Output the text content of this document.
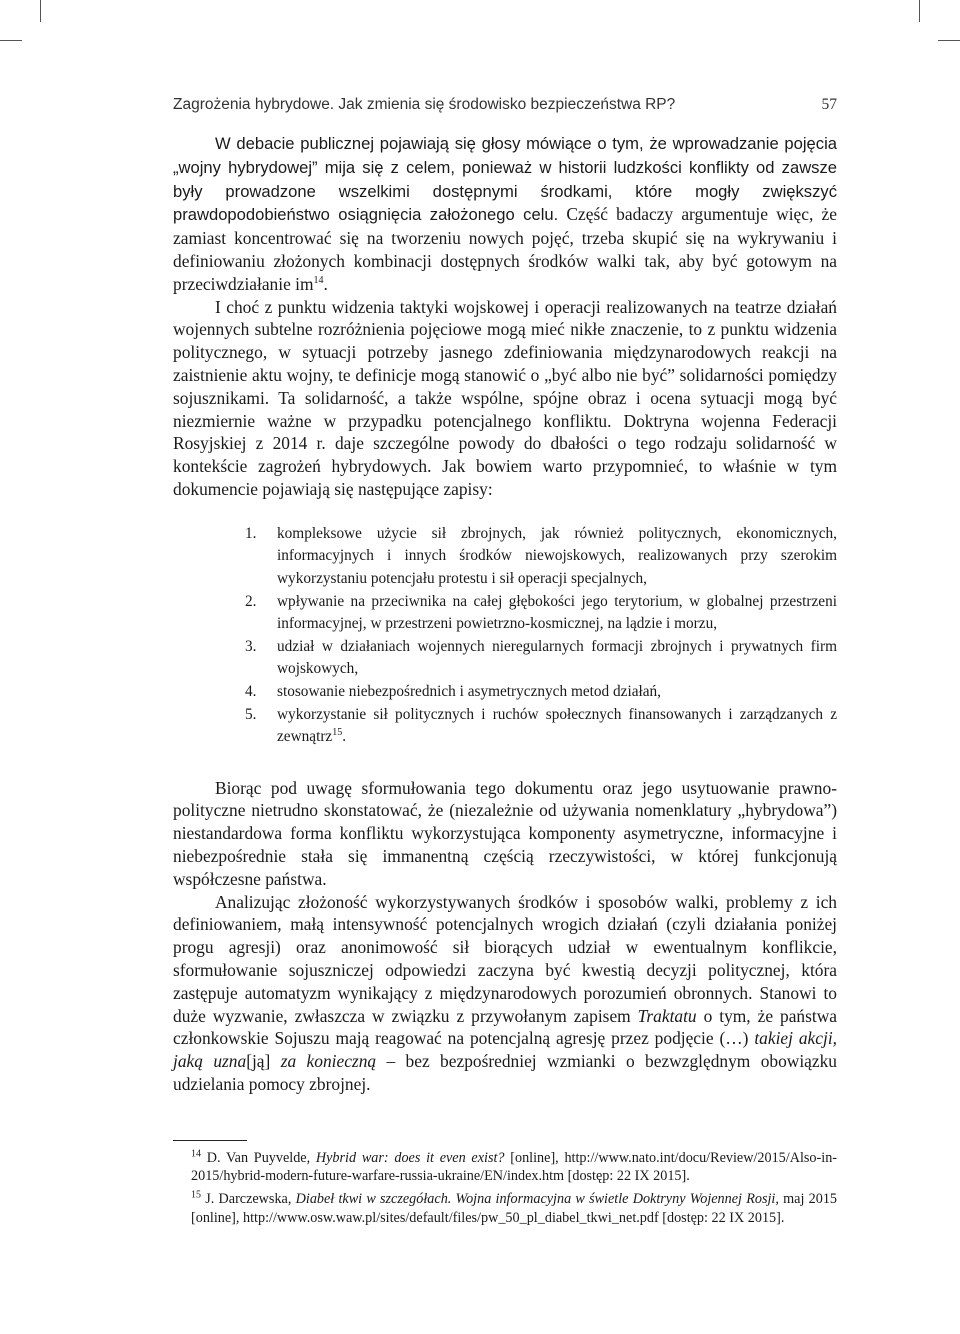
Zagrożenia hybrydowe. Jak zmienia się środowisko bezpieczeństwa RP?	57

W debacie publicznej pojawiają się głosy mówiące o tym, że wprowadzanie pojęcia „wojny hybrydowej” mija się z celem, ponieważ w historii ludzkości konflikty od zawsze były prowadzone wszelkimi dostępnymi środkami, które mogły zwiększyć prawdopodobieństwo osiągnięcia założonego celu. Część badaczy argumentuje więc, że zamiast koncentrować się na tworzeniu nowych pojęć, trzeba skupić się na wykrywaniu i definiowaniu złożonych kombinacji dostępnych środków walki tak, aby być gotowym na przeciwdziałanie $im^{14}$.

I choć z punktu widzenia taktyki wojskowej i operacji realizowanych na teatrze działań wojennych subtelne rozróżnienia pojęciowe mogą mieć nikłe znaczenie, to z punktu widzenia politycznego, w sytuacji potrzeby jasnego zdefiniowania międzynarodowych reakcji na zaistnienie aktu wojny, te definicje mogą stanowić o „być albo nie być” solidarności pomiędzy sojusznikami. Ta solidarność, a także wspólne, spójne obraz i ocena sytuacji mogą być niezmiernie ważne w przypadku potencjalnego konfliktu. Doktryna wojenna Federacji Rosyjskiej z 2014 r. daje szczególne powody do dbałości o tego rodzaju solidarność w kontekście zagrożeń hybrydowych. Jak bowiem warto przypomnieć, to właśnie w tym dokumencie pojawiają się następujące zapisy:

1. kompleksowe użycie sił zbrojnych, jak również politycznych, ekonomicznych, informacyjnych i innych środków niewojskowych, realizowanych przy szerokim wykorzystaniu potencjału protestu i sił operacji specjalnych,
2. wpływanie na przeciwnika na całej głębokości jego terytorium, w globalnej przestrzeni informacyjnej, w przestrzeni powietrzno-kosmicznej, na lądzie i morzu,
3. udział w działaniach wojennych nieregularnych formacji zbrojnych i prywatnych firm wojskowych,
4. stosowanie niebezpośrednich i asymetrycznych metod działań,
5. wykorzystanie sił politycznych i ruchów społecznych finansowanych i zarządzanych z zewnątrz$^{15}$.

Biorąc pod uwagę sformułowania tego dokumentu oraz jego usytuowanie prawno-polityczne nietrudno skonstatować, że (niezależnie od używania nomenklatury „hybrydowa”) niestandardowa forma konfliktu wykorzystująca komponenty asymetryczne, informacyjne i niebezpośrednie stała się immanentną częścią rzeczywistości, w której funkcjonują współczesne państwa.

Analizując złożoność wykorzystywanych środków i sposobów walki, problemy z ich definiowaniem, małą intensywność potencjalnych wrogich działań (czyli działania poniżej progu agresji) oraz anonimowość sił biorących udział w ewentualnym konflikcie, sformułowanie sojuszniczej odpowiedzi zaczyna być kwestią decyzji politycznej, która zastępuje automatyzm wynikający z międzynarodowych porozumień obronnych. Stanowi to duże wyzwanie, zwłaszcza w związku z przywołanym zapisem Traktatu o tym, że państwa członkowskie Sojuszu mają reagować na potencjalną agresję przez podjęcie (…) takiej akcji, jaką uzna[ją] za konieczną – bez bezpośredniej wzmianki o bezwzględnym obowiązku udzielania pomocy zbrojnej.

$^{14}$ D. Van Puyvelde, Hybrid war: does it even exist? [online], http://www.nato.int/docu/Review/2015/Also-in-2015/hybrid-modern-future-warfare-russia-ukraine/EN/index.htm [dostęp: 22 IX 2015].

$^{15}$ J. Darczewska, Diabeł tkwi w szczegółach. Wojna informacyjna w świetle Doktryny Wojennej Rosji, maj 2015 [online], http://www.osw.waw.pl/sites/default/files/pw_50_pl_diabel_tkwi_net.pdf [dostęp: 22 IX 2015].
